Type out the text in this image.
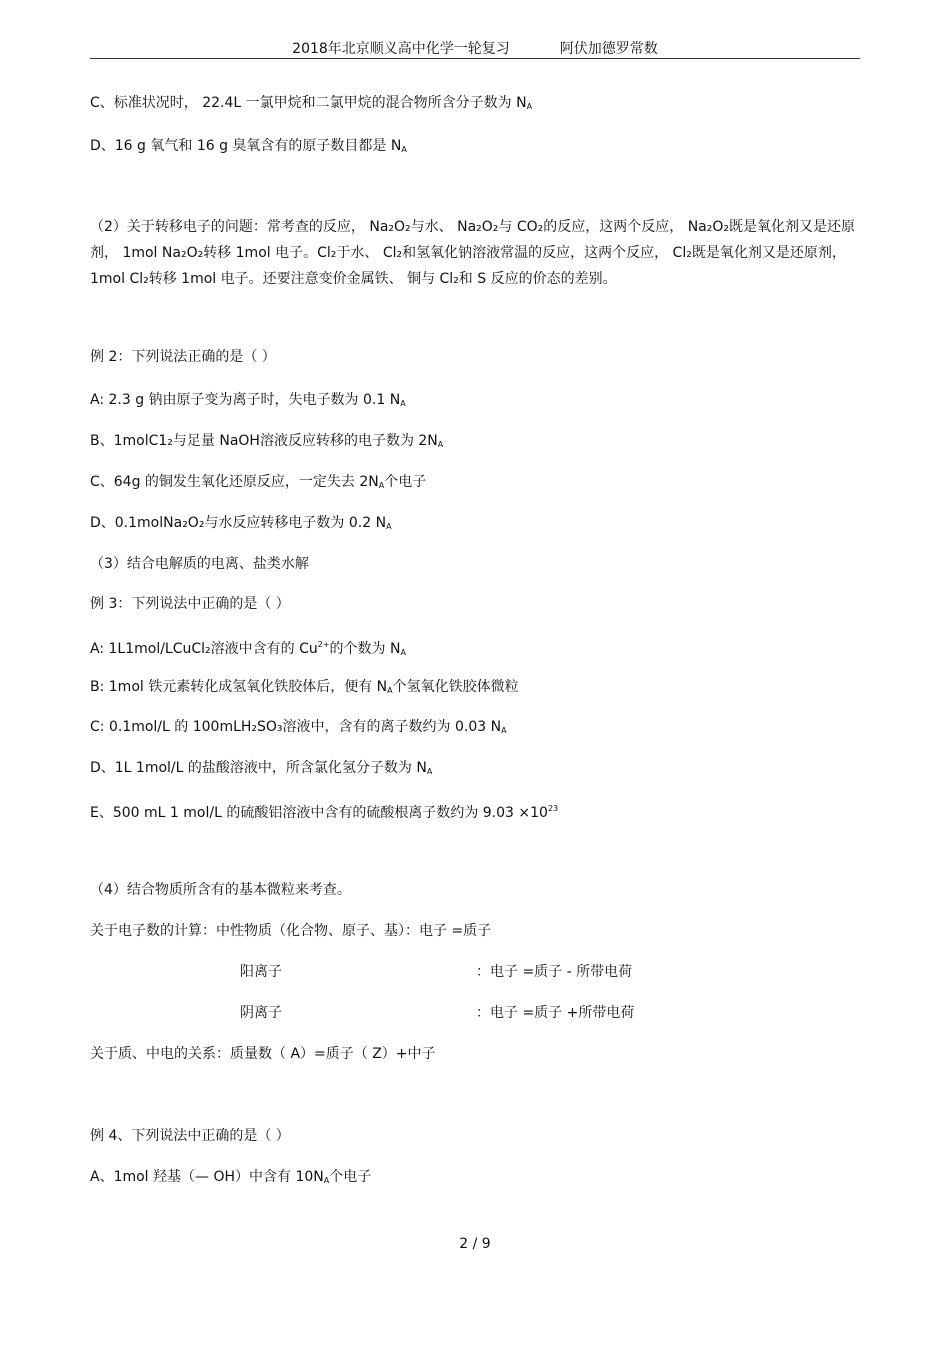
2018年北京顺义高中化学一轮复习	阿伏加德罗常数
C、标准状况时， 22.4L 一氯甲烷和二氯甲烷的混合物所含分子数为 $N_A$
D、16 g 氧气和 16 g 臭氧含有的原子数目都是 $N_A$
（2）关于转移电子的问题：常考查的反应， Na₂O₂与水、 Na₂O₂与 CO₂的反应，这两个反应， Na₂O₂既是氧化剂又是还原剂， 1mol Na₂O₂转移 1mol 电子。Cl₂于水、 Cl₂和氢氧化钠溶液常温的反应，这两个反应， Cl₂既是氧化剂又是还原剂， 1mol Cl₂转移 1mol 电子。还要注意变价金属铁、 铜与 Cl₂和 S 反应的价态的差别。
例 2：下列说法正确的是（ ）
A: 2.3 g 钠由原子变为离子时，失电子数为 0.1 $N_A$
B、1molC1₂与足量 NaOH溶液反应转移的电子数为 $2N_A$
C、64g 的铜发生氧化还原反应，一定失去 $2N_A$个电子
D、0.1molNa₂O₂与水反应转移电子数为 0.2 $N_A$
（3）结合电解质的电离、盐类水解
例 3：下列说法中正确的是（ ）
A: 1L1mol/LCuCl₂溶液中含有的 $Cu^{2+}$的个数为 $N_A$
B: 1mol 铁元素转化成氢氧化铁胶体后，便有 $N_A$个氢氧化铁胶体微粒
C: 0.1mol/L 的 100mLH₂SO₃溶液中，含有的离子数约为 0.03 $N_A$
D、1L 1mol/L 的盐酸溶液中，所含氯化氢分子数为 $N_A$
E、500 mL 1 mol/L 的硫酸铝溶液中含有的硫酸根离子数约为 $9.03 \times 10^{23}$
（4）结合物质所含有的基本微粒来考查。
关于电子数的计算：中性物质（化合物、原子、基）：电子 =质子
阳离子	：电子 =质子 - 所带电荷
阴离子	：电子 =质子 +所带电荷
关于质、中电的关系：质量数（ A）=质子（ Z）+中子
例 4、下列说法中正确的是（ ）
A、1mol 羟基（— OH）中含有 $10N_A$个电子
2 / 9
